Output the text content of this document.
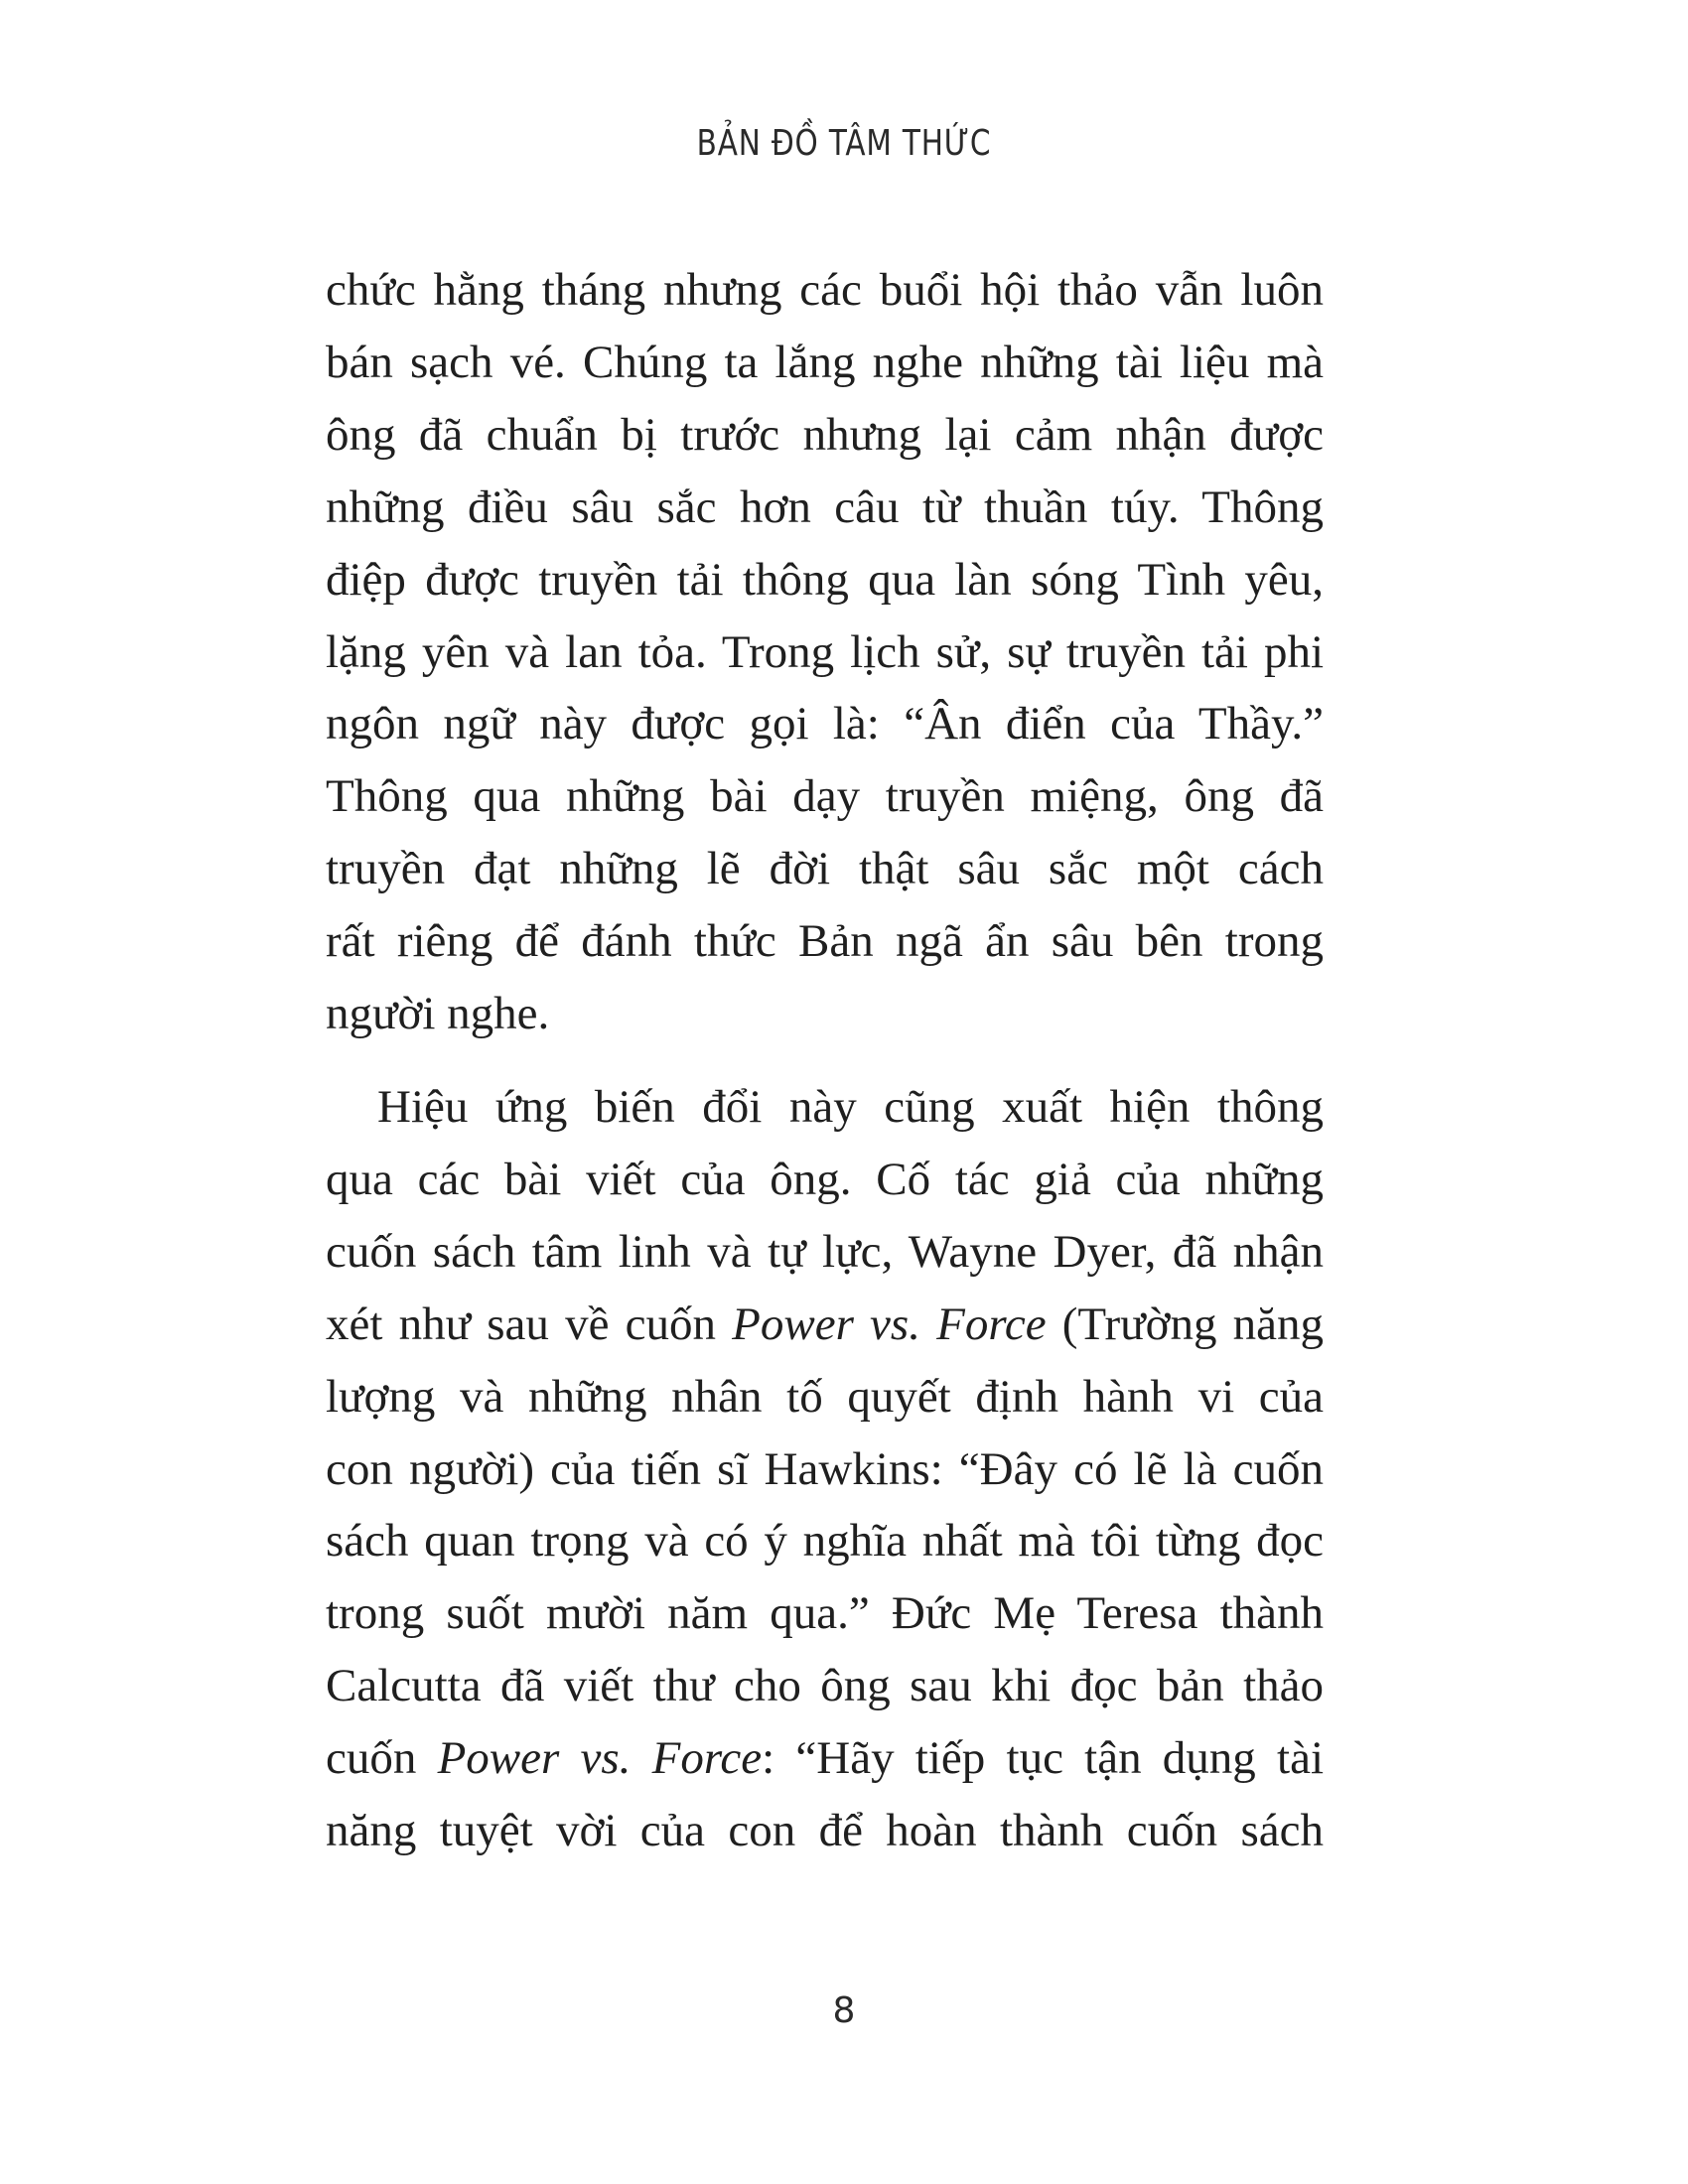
BẢN ĐỒ TÂM THỨC
chức hằng tháng nhưng các buổi hội thảo vẫn luôn
bán sạch vé. Chúng ta lắng nghe những tài liệu mà
ông đã chuẩn bị trước nhưng lại cảm nhận được
những điều sâu sắc hơn câu từ thuần túy. Thông
điệp được truyền tải thông qua làn sóng Tình yêu,
lặng yên và lan tỏa. Trong lịch sử, sự truyền tải phi
ngôn ngữ này được gọi là: “Ân điển của Thầy.”
Thông qua những bài dạy truyền miệng, ông đã
truyền đạt những lẽ đời thật sâu sắc một cách
rất riêng để đánh thức Bản ngã ẩn sâu bên trong
người nghe.
Hiệu ứng biến đổi này cũng xuất hiện thông
qua các bài viết của ông. Cố tác giả của những
cuốn sách tâm linh và tự lực, Wayne Dyer, đã nhận
xét như sau về cuốn Power vs. Force (Trường năng
lượng và những nhân tố quyết định hành vi của
con người) của tiến sĩ Hawkins: “Đây có lẽ là cuốn
sách quan trọng và có ý nghĩa nhất mà tôi từng đọc
trong suốt mười năm qua.” Đức Mẹ Teresa thành
Calcutta đã viết thư cho ông sau khi đọc bản thảo
cuốn Power vs. Force: “Hãy tiếp tục tận dụng tài
năng tuyệt vời của con để hoàn thành cuốn sách
8
